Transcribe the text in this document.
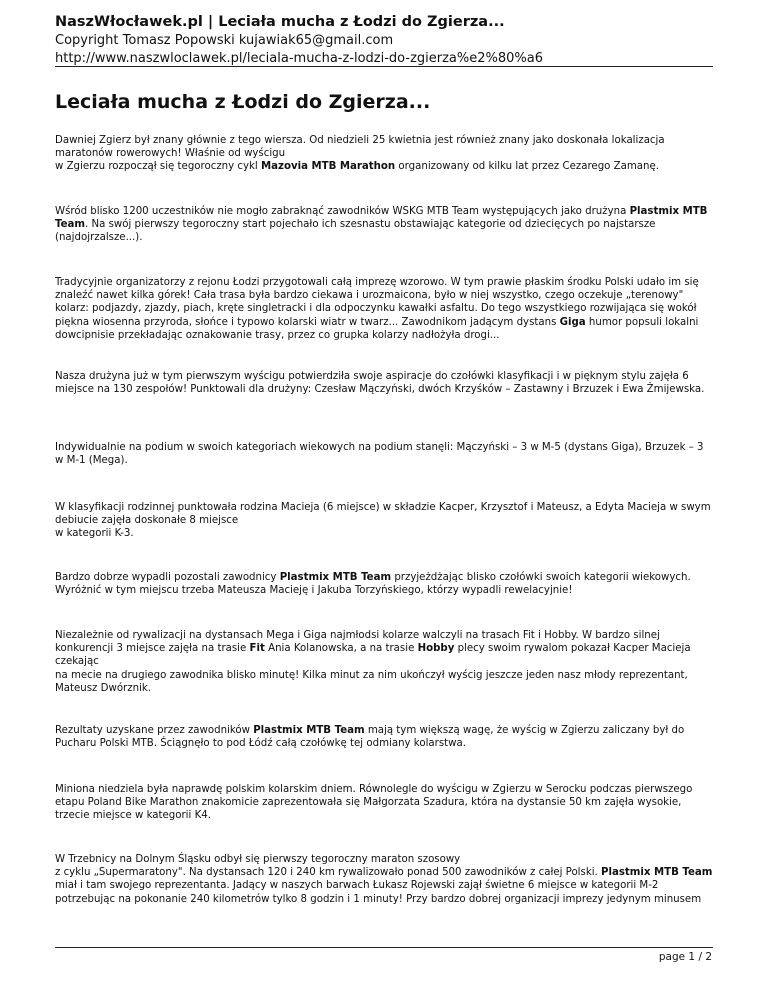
NaszWłocławek.pl | Leciała mucha z Łodzi do Zgierza...
Copyright Tomasz Popowski kujawiak65@gmail.com
http://www.naszwloclawek.pl/leciala-mucha-z-lodzi-do-zgierza%e2%80%a6
Leciała mucha z Łodzi do Zgierza...
Dawniej Zgierz był znany głównie z tego wiersza. Od niedzieli 25 kwietnia jest również znany jako doskonała lokalizacja maratonów rowerowych! Właśnie od wyścigu
w Zgierzu rozpoczął się tegoroczny cykl Mazovia MTB Marathon organizowany od kilku lat przez Cezarego Zamanę.
Wśród blisko 1200 uczestników nie mogło zabraknąć zawodników WSKG MTB Team występujących jako drużyna Plastmix MTB Team. Na swój pierwszy tegoroczny start pojechało ich szesnastu obstawiając kategorie od dziecięcych po najstarsze (najdojrzalsze...).
Tradycyjnie organizatorzy z rejonu Łodzi przygotowali całą imprezę wzorowo. W tym prawie płaskim środku Polski udało im się znaleźć nawet kilka górek! Cała trasa była bardzo ciekawa i urozmaicona, było w niej wszystko, czego oczekuje „terenowy" kolarz: podjazdy, zjazdy, piach, kręte singletracki i dla odpoczynku kawałki asfaltu. Do tego wszystkiego rozwijająca się wokół piękna wiosenna przyroda, słońce i typowo kolarski wiatr w twarz... Zawodnikom jadącym dystans Giga humor popsuli lokalni dowcipnisie przekładając oznakowanie trasy, przez co grupka kolarzy nadłożyła drogi...
Nasza drużyna już w tym pierwszym wyścigu potwierdziła swoje aspiracje do czołówki klasyfikacji i w pięknym stylu zajęła 6 miejsce na 130 zespołów! Punktowali dla drużyny: Czesław Mączyński, dwóch Krzyśków – Zastawny i Brzuzek i Ewa Żmijewska.
Indywidualnie na podium w swoich kategoriach wiekowych na podium stanęli: Mączyński – 3 w M-5 (dystans Giga), Brzuzek – 3 w M-1 (Mega).
W klasyfikacji rodzinnej punktowała rodzina Macieja (6 miejsce) w składzie Kacper, Krzysztof i Mateusz, a Edyta Macieja w swym debiucie zajęła doskonałe 8 miejsce
w kategorii K-3.
Bardzo dobrze wypadli pozostali zawodnicy Plastmix MTB Team przyjeżdżając blisko czołówki swoich kategorii wiekowych. Wyróżnić w tym miejscu trzeba Mateusza Macieję i Jakuba Torzyńskiego, którzy wypadli rewelacyjnie!
Niezależnie od rywalizacji na dystansach Mega i Giga najmłodsi kolarze walczyli na trasach Fit i Hobby. W bardzo silnej konkurencji 3 miejsce zajęła na trasie Fit Ania Kolanowska, a na trasie Hobby plecy swoim rywalom pokazał Kacper Macieja czekając
na mecie na drugiego zawodnika blisko minutę! Kilka minut za nim ukończył wyścig jeszcze jeden nasz młody reprezentant, Mateusz Dwórznik.
Rezultaty uzyskane przez zawodników Plastmix MTB Team mają tym większą wagę, że wyścig w Zgierzu zaliczany był do Pucharu Polski MTB. Ściągnęło to pod Łódź całą czołówkę tej odmiany kolarstwa.
Miniona niedziela była naprawdę polskim kolarskim dniem. Równolegle do wyścigu w Zgierzu w Serocku podczas pierwszego etapu Poland Bike Marathon znakomicie zaprezentowała się Małgorzata Szadura, która na dystansie 50 km zajęła wysokie, trzecie miejsce w kategorii K4.
W Trzebnicy na Dolnym Śląsku odbył się pierwszy tegoroczny maraton szosowy
z cyklu „Supermaratony". Na dystansach 120 i 240 km rywalizowało ponad 500 zawodników z całej Polski. Plastmix MTB Team miał i tam swojego reprezentanta. Jadący w naszych barwach Łukasz Rojewski zajął świetne 6 miejsce w kategorii M-2 potrzebując na pokonanie 240 kilometrów tylko 8 godzin i 1 minuty! Przy bardzo dobrej organizacji imprezy jedynym minusem
page 1 / 2
